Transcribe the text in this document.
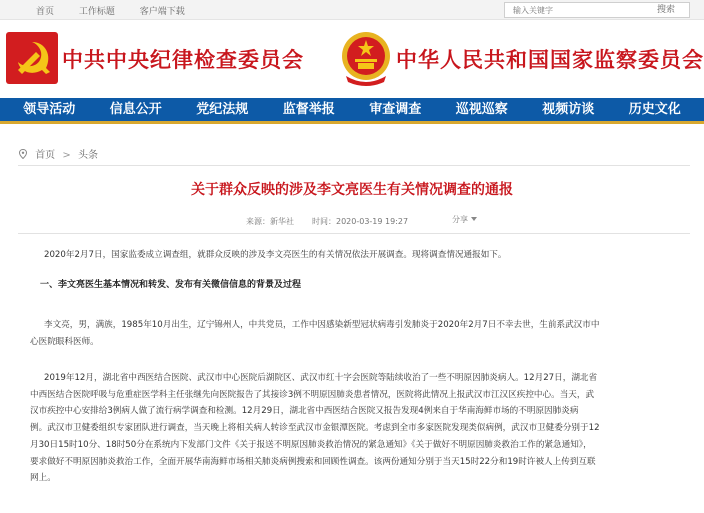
首页	工作标题	客户端下载
输入关键字	搜索
中共中央纪律检查委员会	中华人民共和国国家监察委员会
领导活动	信息公开	党纪法规	监督举报	审查调查	巡视巡察	视频访谈	历史文化
首页 > 头条
关于群众反映的涉及李文亮医生有关情况调查的通报
来源：新华社 时间：2020-03-19 19:27	分享
2020年2月7日，国家监委成立调查组，就群众反映的涉及李文亮医生的有关情况依法开展调查。现将调查情况通报如下。
一、李文亮医生基本情况和转发、发布有关微信信息的背景及过程
李文亮，男，满族，1985年10月出生，辽宁锦州人，中共党员，工作中因感染新型冠状病毒引发肺炎于2020年2月7日不幸去世，生前系武汉市中
心医院眼科医师。
2019年12月，湖北省中西医结合医院、武汉市中心医院后湖院区、武汉市红十字会医院等陆续收治了一些不明原因肺炎病人。12月27日，湖北省
中西医结合医院呼吸与危重症医学科主任张继先向医院报告了其接诊3例不明原因肺炎患者情况，医院将此情况上报武汉市江汉区疾控中心。当天，武
汉市疾控中心安排给3例病人做了流行病学调查和检测。12月29日，湖北省中西医结合医院又报告发现4例来自于华南海鲜市场的不明原因肺炎病
例。武汉市卫健委组织专家团队进行调查，当天晚上将相关病人转诊至武汉市金银潭医院。考虑到全市多家医院发现类似病例，武汉市卫健委分别于12
月30日15时10分、18时50分在系统内下发部门文件《关于报送不明原因肺炎救治情况的紧急通知》《关于做好不明原因肺炎救治工作的紧急通知》，
要求做好不明原因肺炎救治工作，全面开展华南海鲜市场相关肺炎病例搜索和回顾性调查。该两份通知分别于当天15时22分和19时许被人上传到互联
网上。
